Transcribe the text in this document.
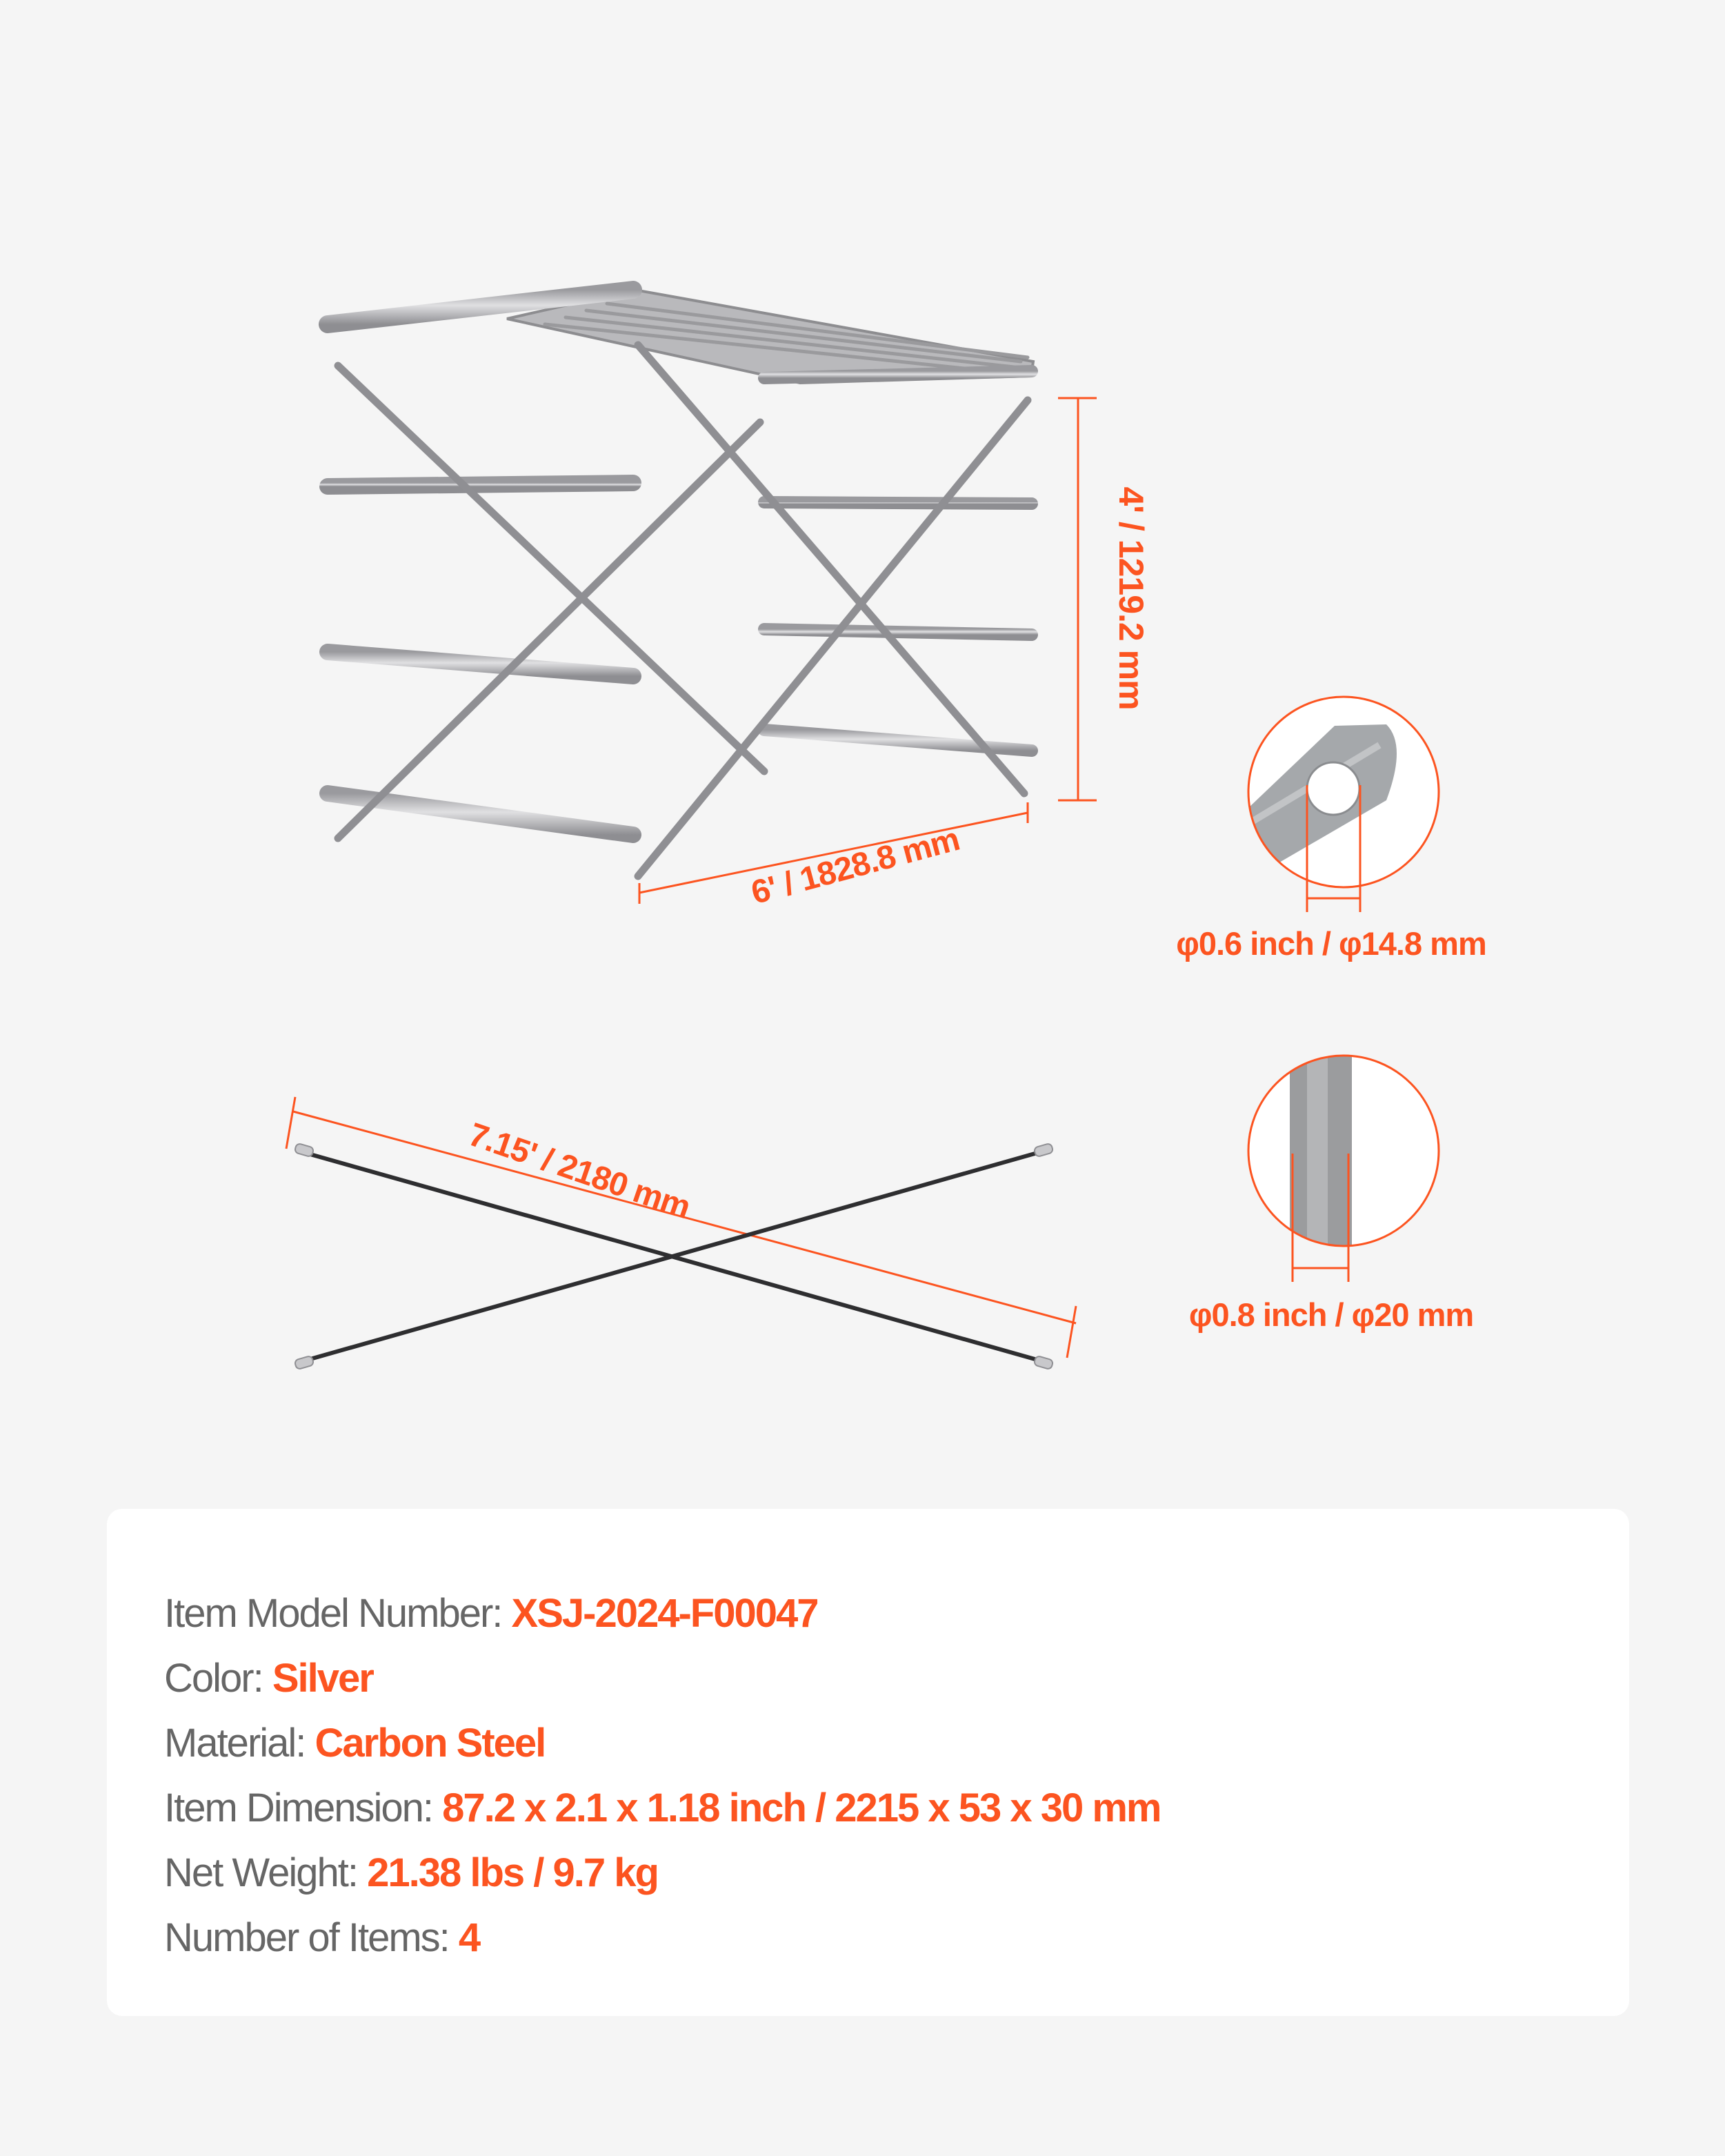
4' / 1219.2 mm
6' / 1828.8 mm
7.15' / 2180 mm
φ0.6 inch / φ14.8 mm
φ0.8 inch / φ20 mm
Item Model Number: XSJ-2024-F00047
Color: Silver
Material: Carbon Steel
Item Dimension: 87.2 x 2.1 x 1.18 inch / 2215 x 53 x 30 mm
Net Weight: 21.38 lbs / 9.7 kg
Number of Items: 4
